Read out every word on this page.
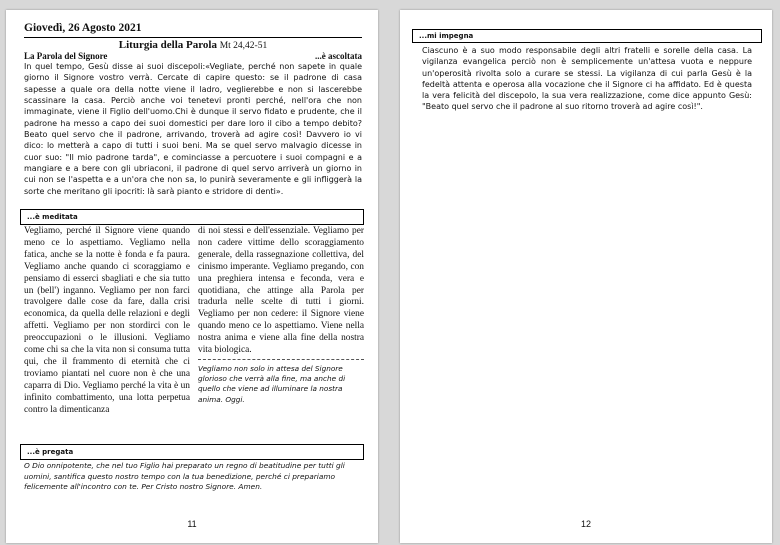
Giovedì, 26 Agosto 2021
Liturgia della Parola Mt 24,42-51
La Parola del Signore	...è ascoltata
In quel tempo, Gesù disse ai suoi discepoli:«Vegliate, perché non sapete in quale giorno il Signore vostro verrà. Cercate di capire questo: se il padrone di casa sapesse a quale ora della notte viene il ladro, veglierebbe e non si lascerebbe scassinare la casa. Perciò anche voi tenetevi pronti perché, nell'ora che non immaginate, viene il Figlio dell'uomo.Chi è dunque il servo fidato e prudente, che il padrone ha messo a capo dei suoi domestici per dare loro il cibo a tempo debito? Beato quel servo che il padrone, arrivando, troverà ad agire così! Davvero io vi dico: lo metterà a capo di tutti i suoi beni. Ma se quel servo malvagio dicesse in cuor suo: "Il mio padrone tarda", e cominciasse a percuotere i suoi compagni e a mangiare e a bere con gli ubriaconi, il padrone di quel servo arriverà un giorno in cui non se l'aspetta e a un'ora che non sa, lo punirà severamente e gli infliggerà la sorte che meritano gli ipocriti: là sarà pianto e stridore di denti».
...è meditata
Vegliamo, perché il Signore viene quando meno ce lo aspettiamo. Vegliamo nella fatica, anche se la notte è fonda e fa paura. Vegliamo anche quando ci scoraggiamo e pensiamo di esserci sbagliati e che sia tutto un (bell') inganno. Vegliamo per non farci travolgere dalle cose da fare, dalla crisi economica, da quella delle relazioni e degli affetti. Vegliamo per non stordirci con le preoccupazioni o le illusioni. Vegliamo come chi sa che la vita non si consuma tutta qui, che il frammento di eternità che ci troviamo piantati nel cuore non è che una caparra di Dio. Vegliamo perché la vita è un infinito combattimento, una lotta perpetua contro la dimenticanza
di noi stessi e dell'essenziale. Vegliamo per non cadere vittime dello scoraggiamento generale, della rassegnazione collettiva, del cinismo imperante. Vegliamo pregando, con una preghiera intensa e feconda, vera e quotidiana, che attinge alla Parola per tradurla nelle scelte di tutti i giorni. Vegliamo per non cedere: il Signore viene quando meno ce lo aspettiamo. Viene nella nostra anima e viene alla fine della nostra vita biologica.
Vegliamo non solo in attesa del Signore glorioso che verrà alla fine, ma anche di quello che viene ad illuminare la nostra anima. Oggi.
...è pregata
O Dio onnipotente, che nel tuo Figlio hai preparato un regno di beatitudine per tutti gli uomini, santifica questo nostro tempo con la tua benedizione, perché ci prepariamo felicemente all'incontro con te. Per Cristo nostro Signore. Amen.
11
...mi impegna
Ciascuno è a suo modo responsabile degli altri fratelli e sorelle della casa. La vigilanza evangelica perciò non è semplicemente un'attesa vuota e neppure un'operosità rivolta solo a curare se stessi. La vigilanza di cui parla Gesù è la fedeltà attenta e operosa alla vocazione che il Signore ci ha affidato. Ed è questa la vera felicità del discepolo, la sua vera realizzazione, come dice appunto Gesù: "Beato quel servo che il padrone al suo ritorno troverà ad agire così!".
12
